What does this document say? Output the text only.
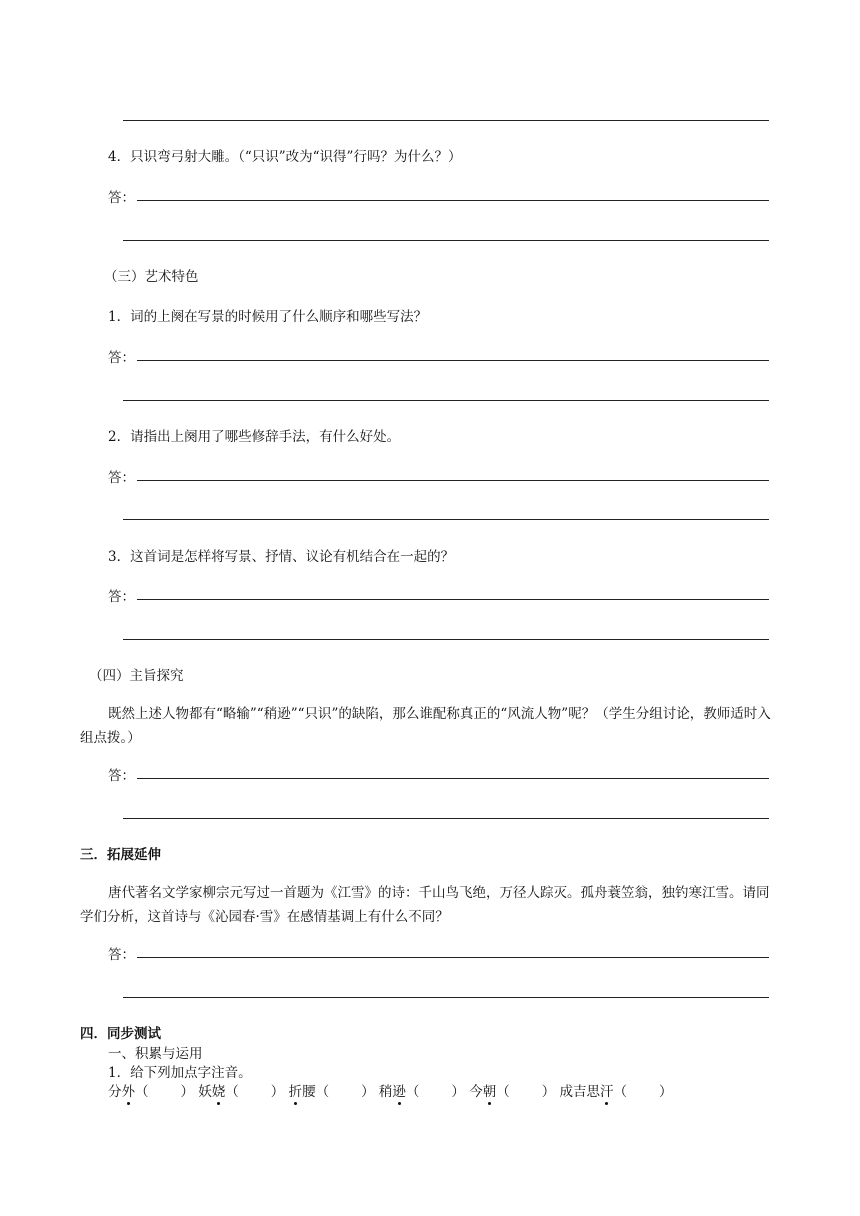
4．只识弯弓射大雕。（“只识”改为“识得”行吗？为什么？）
答：
（三）艺术特色
1．词的上阕在写景的时候用了什么顺序和哪些写法？
答：
2．请指出上阕用了哪些修辞手法，有什么好处。
答：
3．这首词是怎样将写景、抒情、议论有机结合在一起的？
答：
（四）主旨探究
既然上述人物都有“略输”“稍逊”“只识”的缺陷，那么谁配称真正的“风流人物”呢？（学生分组讨论，教师适时入组点拨。）
答：
三．拓展延伸
唐代著名文学家柳宗元写过一首题为《江雪》的诗：千山鸟飞绝，万径人踪灭。孤舟蓑笠翁，独钓寒江雪。请同学们分析，这首诗与《沁园春·雪》在感情基调上有什么不同？
答：
四．同步测试
一、积累与运用
1．给下列加点字注音。
分外（ ） 妖娆（ ） 折腰（ ） 稍逊（ ） 今朝（ ） 成吉思汗（ ）
